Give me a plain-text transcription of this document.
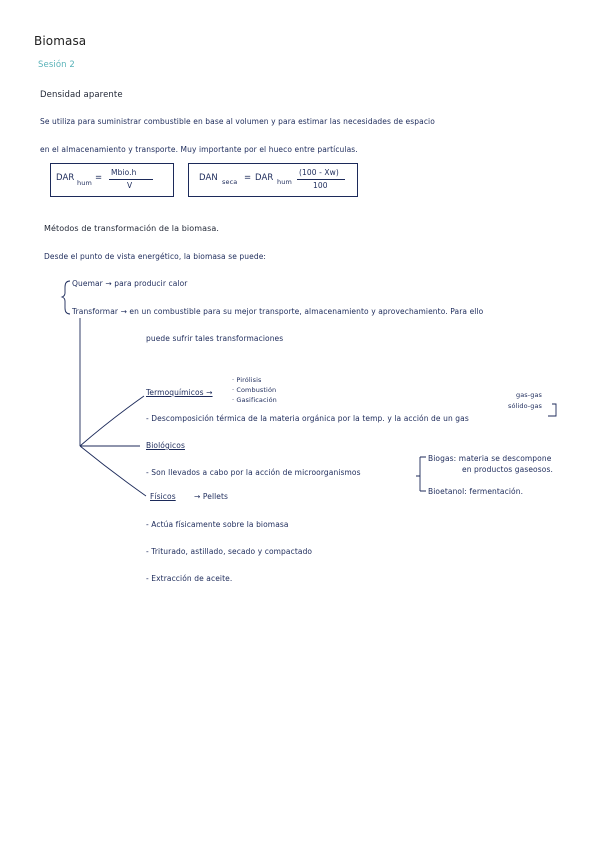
Biomasa
Sesión 2
Densidad aparente
Se utiliza para suministrar combustible en base al volumen y para estimar las necesidades de espacio
en el almacenamiento y transporte. Muy importante por el hueco entre partículas.
DAR hum =
Mbio.h
V
DAN seca = DAR hum
(100 - Xw)
100
Métodos de transformación de la biomasa.
Desde el punto de vista energético, la biomasa se puede:
Quemar → para producir calor
Transformar → en un combustible para su mejor transporte, almacenamiento y aprovechamiento. Para ello
puede sufrir tales transformaciones
Termoquímicos →
· Pirólisis
· Combustión
· Gasificación
gas-gas
sólido-gas
- Descomposición térmica de la materia orgánica por la temp. y la acción de un gas
Biológicos
- Son llevados a cabo por la acción de microorganismos
Biogas: materia se descompone
en productos gaseosos.
Bioetanol: fermentación.
Físicos → Pellets
- Actúa físicamente sobre la biomasa
- Triturado, astillado, secado y compactado
- Extracción de aceite.
